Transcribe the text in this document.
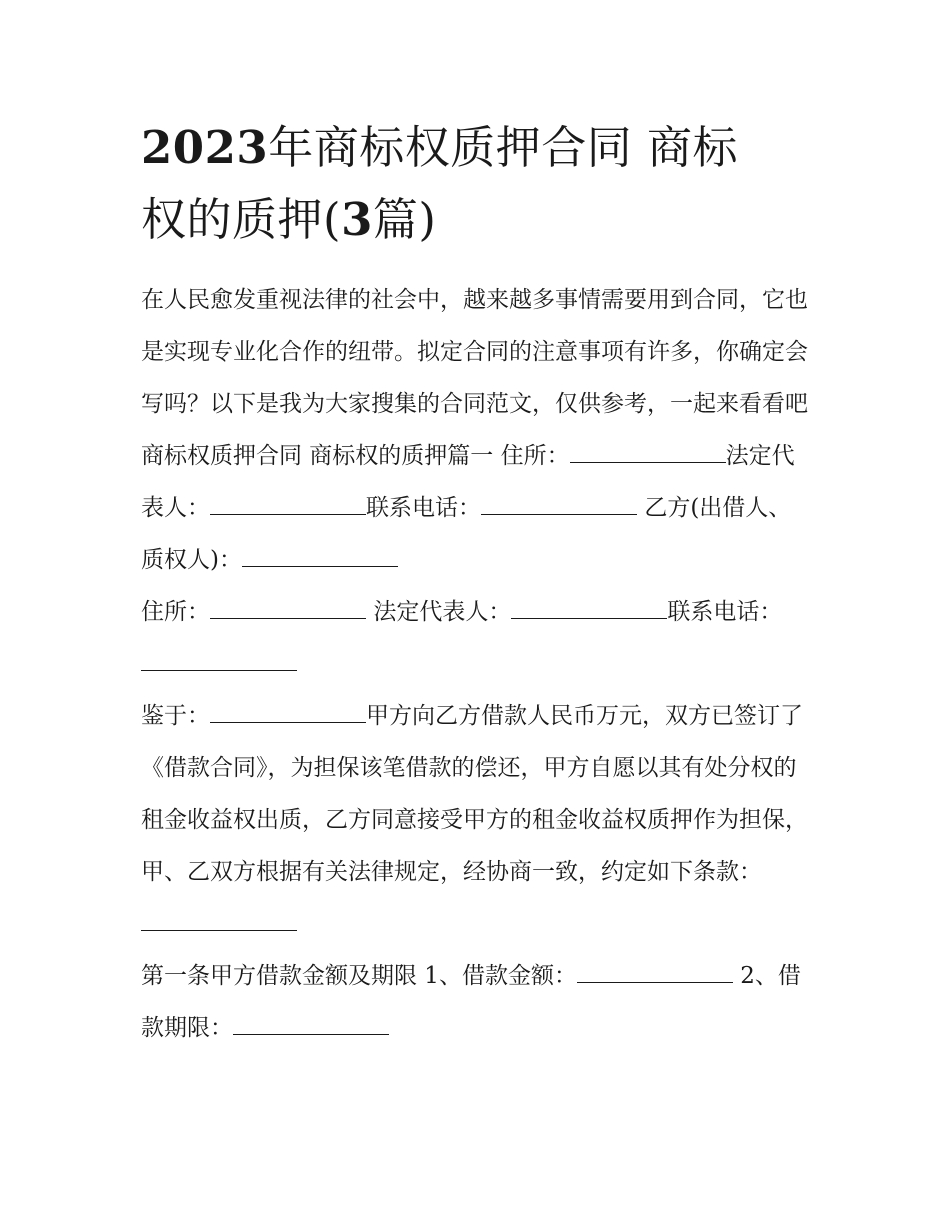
2023年商标权质押合同 商标权的质押(3篇)

在人民愈发重视法律的社会中，越来越多事情需要用到合同，它也是实现专业化合作的纽带。拟定合同的注意事项有许多，你确定会写吗？以下是我为大家搜集的合同范文，仅供参考，一起来看看吧

商标权质押合同 商标权的质押篇一 住所：	法定代表人：	联系电话：	乙方(出借人、质权人)：

住所：	法定代表人：	联系电话：

鉴于：	甲方向乙方借款人民币万元，双方已签订了《借款合同》，为担保该笔借款的偿还，甲方自愿以其有处分权的租金收益权出质，乙方同意接受甲方的租金收益权质押作为担保，甲、乙双方根据有关法律规定，经协商一致，约定如下条款：

第一条甲方借款金额及期限 1、借款金额：	2、借款期限：
